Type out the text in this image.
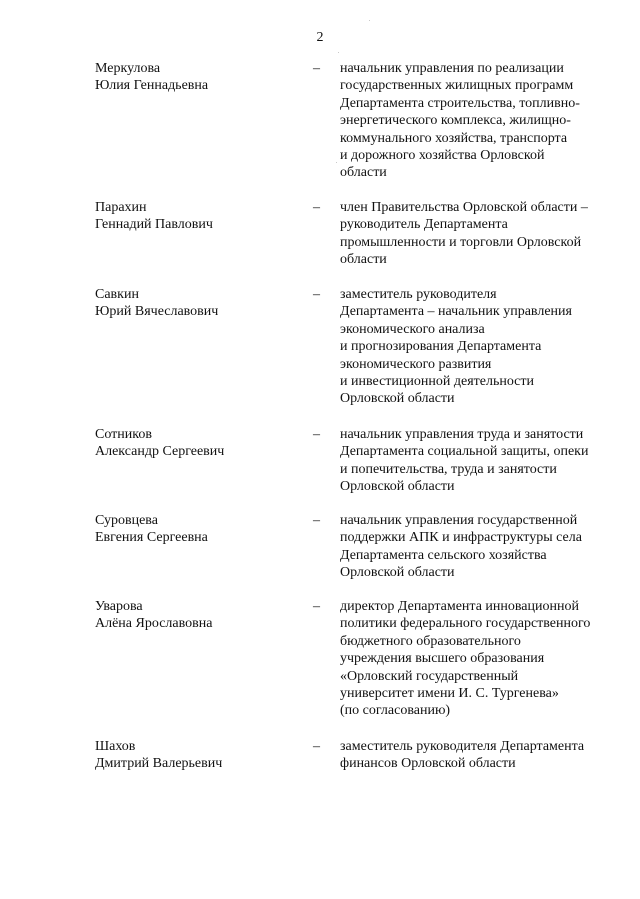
2
Меркулова
Юлия Геннадьевна
– начальник управления по реализации
государственных жилищных программ
Департамента строительства, топливно-
энергетического комплекса, жилищно-
коммунального хозяйства, транспорта
и дорожного хозяйства Орловской
области
Парахин
Геннадий Павлович
– член Правительства Орловской области –
руководитель Департамента
промышленности и торговли Орловской
области
Савкин
Юрий Вячеславович
– заместитель руководителя
Департамента – начальник управления
экономического анализа
и прогнозирования Департамента
экономического развития
и инвестиционной деятельности
Орловской области
Сотников
Александр Сергеевич
– начальник управления труда и занятости
Департамента социальной защиты, опеки
и попечительства, труда и занятости
Орловской области
Суровцева
Евгения Сергеевна
– начальник управления государственной
поддержки АПК и инфраструктуры села
Департамента сельского хозяйства
Орловской области
Уварова
Алёна Ярославовна
– директор Департамента инновационной
политики федерального государственного
бюджетного образовательного
учреждения высшего образования
«Орловский государственный
университет имени И. С. Тургенева»
(по согласованию)
Шахов
Дмитрий Валерьевич
– заместитель руководителя Департамента
финансов Орловской области
